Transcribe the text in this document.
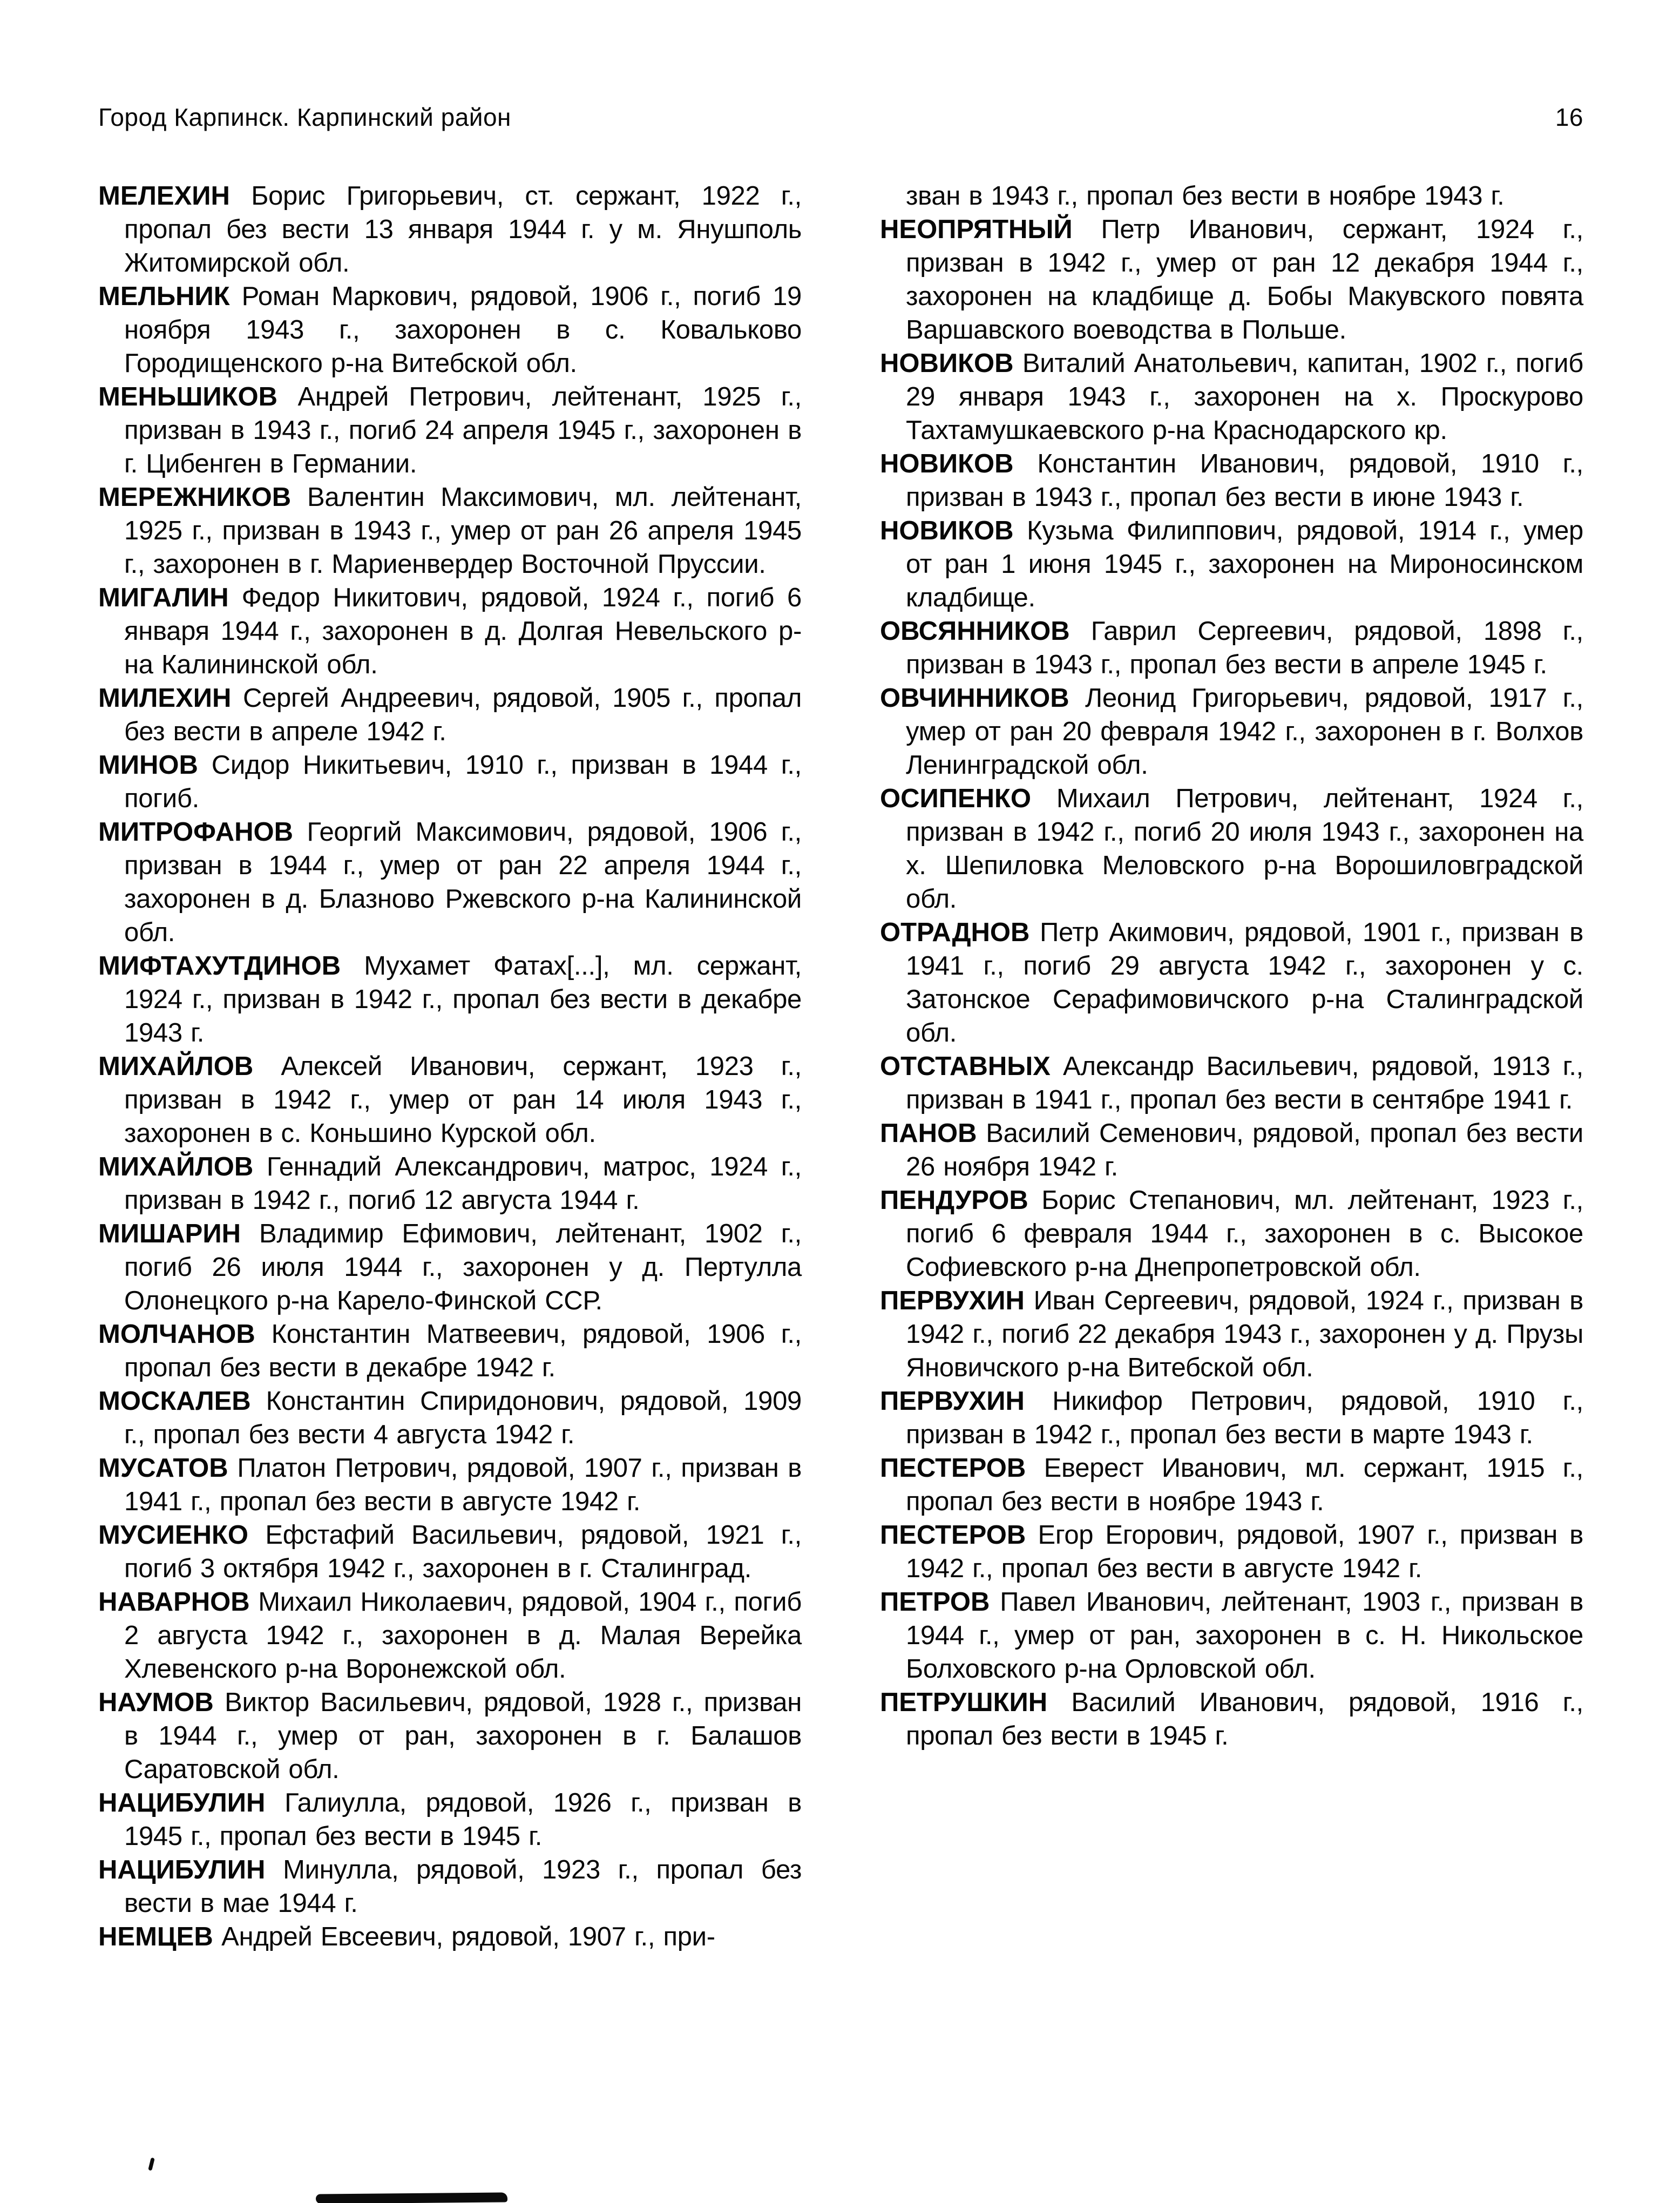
Город Карпинск. Карпинский район	16

МЕЛЕХИН Борис Григорьевич, ст. сержант, 1922 г., пропал без вести 13 января 1944 г. у м. Янушполь Житомирской обл.

МЕЛЬНИК Роман Маркович, рядовой, 1906 г., погиб 19 ноября 1943 г., захоронен в с. Ковальково Городищенского р-на Витебской обл.

МЕНЬШИКОВ Андрей Петрович, лейтенант, 1925 г., призван в 1943 г., погиб 24 апреля 1945 г., захоронен в г. Цибенген в Германии.

МЕРЕЖНИКОВ Валентин Максимович, мл. лейтенант, 1925 г., призван в 1943 г., умер от ран 26 апреля 1945 г., захоронен в г. Мариенвердер Восточной Пруссии.

МИГАЛИН Федор Никитович, рядовой, 1924 г., погиб 6 января 1944 г., захоронен в д. Долгая Невельского р-на Калининской обл.

МИЛЕХИН Сергей Андреевич, рядовой, 1905 г., пропал без вести в апреле 1942 г.

МИНОВ Сидор Никитьевич, 1910 г., призван в 1944 г., погиб.

МИТРОФАНОВ Георгий Максимович, рядовой, 1906 г., призван в 1944 г., умер от ран 22 апреля 1944 г., захоронен в д. Блазново Ржевского р-на Калининской обл.

МИФТАХУТДИНОВ Мухамет Фатах[...], мл. сержант, 1924 г., призван в 1942 г., пропал без вести в декабре 1943 г.

МИХАЙЛОВ Алексей Иванович, сержант, 1923 г., призван в 1942 г., умер от ран 14 июля 1943 г., захоронен в с. Коньшино Курской обл.

МИХАЙЛОВ Геннадий Александрович, матрос, 1924 г., призван в 1942 г., погиб 12 августа 1944 г.

МИШАРИН Владимир Ефимович, лейтенант, 1902 г., погиб 26 июля 1944 г., захоронен у д. Пертулла Олонецкого р-на Карело-Финской ССР.

МОЛЧАНОВ Константин Матвеевич, рядовой, 1906 г., пропал без вести в декабре 1942 г.

МОСКАЛЕВ Константин Спиридонович, рядовой, 1909 г., пропал без вести 4 августа 1942 г.

МУСАТОВ Платон Петрович, рядовой, 1907 г., призван в 1941 г., пропал без вести в августе 1942 г.

МУСИЕНКО Ефстафий Васильевич, рядовой, 1921 г., погиб 3 октября 1942 г., захоронен в г. Сталинград.

НАВАРНОВ Михаил Николаевич, рядовой, 1904 г., погиб 2 августа 1942 г., захоронен в д. Малая Верейка Хлевенского р-на Воронежской обл.

НАУМОВ Виктор Васильевич, рядовой, 1928 г., призван в 1944 г., умер от ран, захоронен в г. Балашов Саратовской обл.

НАЦИБУЛИН Галиулла, рядовой, 1926 г., призван в 1945 г., пропал без вести в 1945 г.

НАЦИБУЛИН Минулла, рядовой, 1923 г., пропал без вести в мае 1944 г.

НЕМЦЕВ Андрей Евсеевич, рядовой, 1907 г., при-

зван в 1943 г., пропал без вести в ноябре 1943 г.

НЕОПРЯТНЫЙ Петр Иванович, сержант, 1924 г., призван в 1942 г., умер от ран 12 декабря 1944 г., захоронен на кладбище д. Бобы Макувского повята Варшавского воеводства в Польше.

НОВИКОВ Виталий Анатольевич, капитан, 1902 г., погиб 29 января 1943 г., захоронен на х. Проскурово Тахтамушкаевского р-на Краснодарского кр.

НОВИКОВ Константин Иванович, рядовой, 1910 г., призван в 1943 г., пропал без вести в июне 1943 г.

НОВИКОВ Кузьма Филиппович, рядовой, 1914 г., умер от ран 1 июня 1945 г., захоронен на Мироносинском кладбище.

ОВСЯННИКОВ Гаврил Сергеевич, рядовой, 1898 г., призван в 1943 г., пропал без вести в апреле 1945 г.

ОВЧИННИКОВ Леонид Григорьевич, рядовой, 1917 г., умер от ран 20 февраля 1942 г., захоронен в г. Волхов Ленинградской обл.

ОСИПЕНКО Михаил Петрович, лейтенант, 1924 г., призван в 1942 г., погиб 20 июля 1943 г., захоронен на х. Шепиловка Меловского р-на Ворошиловградской обл.

ОТРАДНОВ Петр Акимович, рядовой, 1901 г., призван в 1941 г., погиб 29 августа 1942 г., захоронен у с. Затонское Серафимовичского р-на Сталинградской обл.

ОТСТАВНЫХ Александр Васильевич, рядовой, 1913 г., призван в 1941 г., пропал без вести в сентябре 1941 г.

ПАНОВ Василий Семенович, рядовой, пропал без вести 26 ноября 1942 г.

ПЕНДУРОВ Борис Степанович, мл. лейтенант, 1923 г., погиб 6 февраля 1944 г., захоронен в с. Высокое Софиевского р-на Днепропетровской обл.

ПЕРВУХИН Иван Сергеевич, рядовой, 1924 г., призван в 1942 г., погиб 22 декабря 1943 г., захоронен у д. Прузы Яновичского р-на Витебской обл.

ПЕРВУХИН Никифор Петрович, рядовой, 1910 г., призван в 1942 г., пропал без вести в марте 1943 г.

ПЕСТЕРОВ Еверест Иванович, мл. сержант, 1915 г., пропал без вести в ноябре 1943 г.

ПЕСТЕРОВ Егор Егорович, рядовой, 1907 г., призван в 1942 г., пропал без вести в августе 1942 г.

ПЕТРОВ Павел Иванович, лейтенант, 1903 г., призван в 1944 г., умер от ран, захоронен в с. Н. Никольское Болховского р-на Орловской обл.

ПЕТРУШКИН Василий Иванович, рядовой, 1916 г., пропал без вести в 1945 г.
